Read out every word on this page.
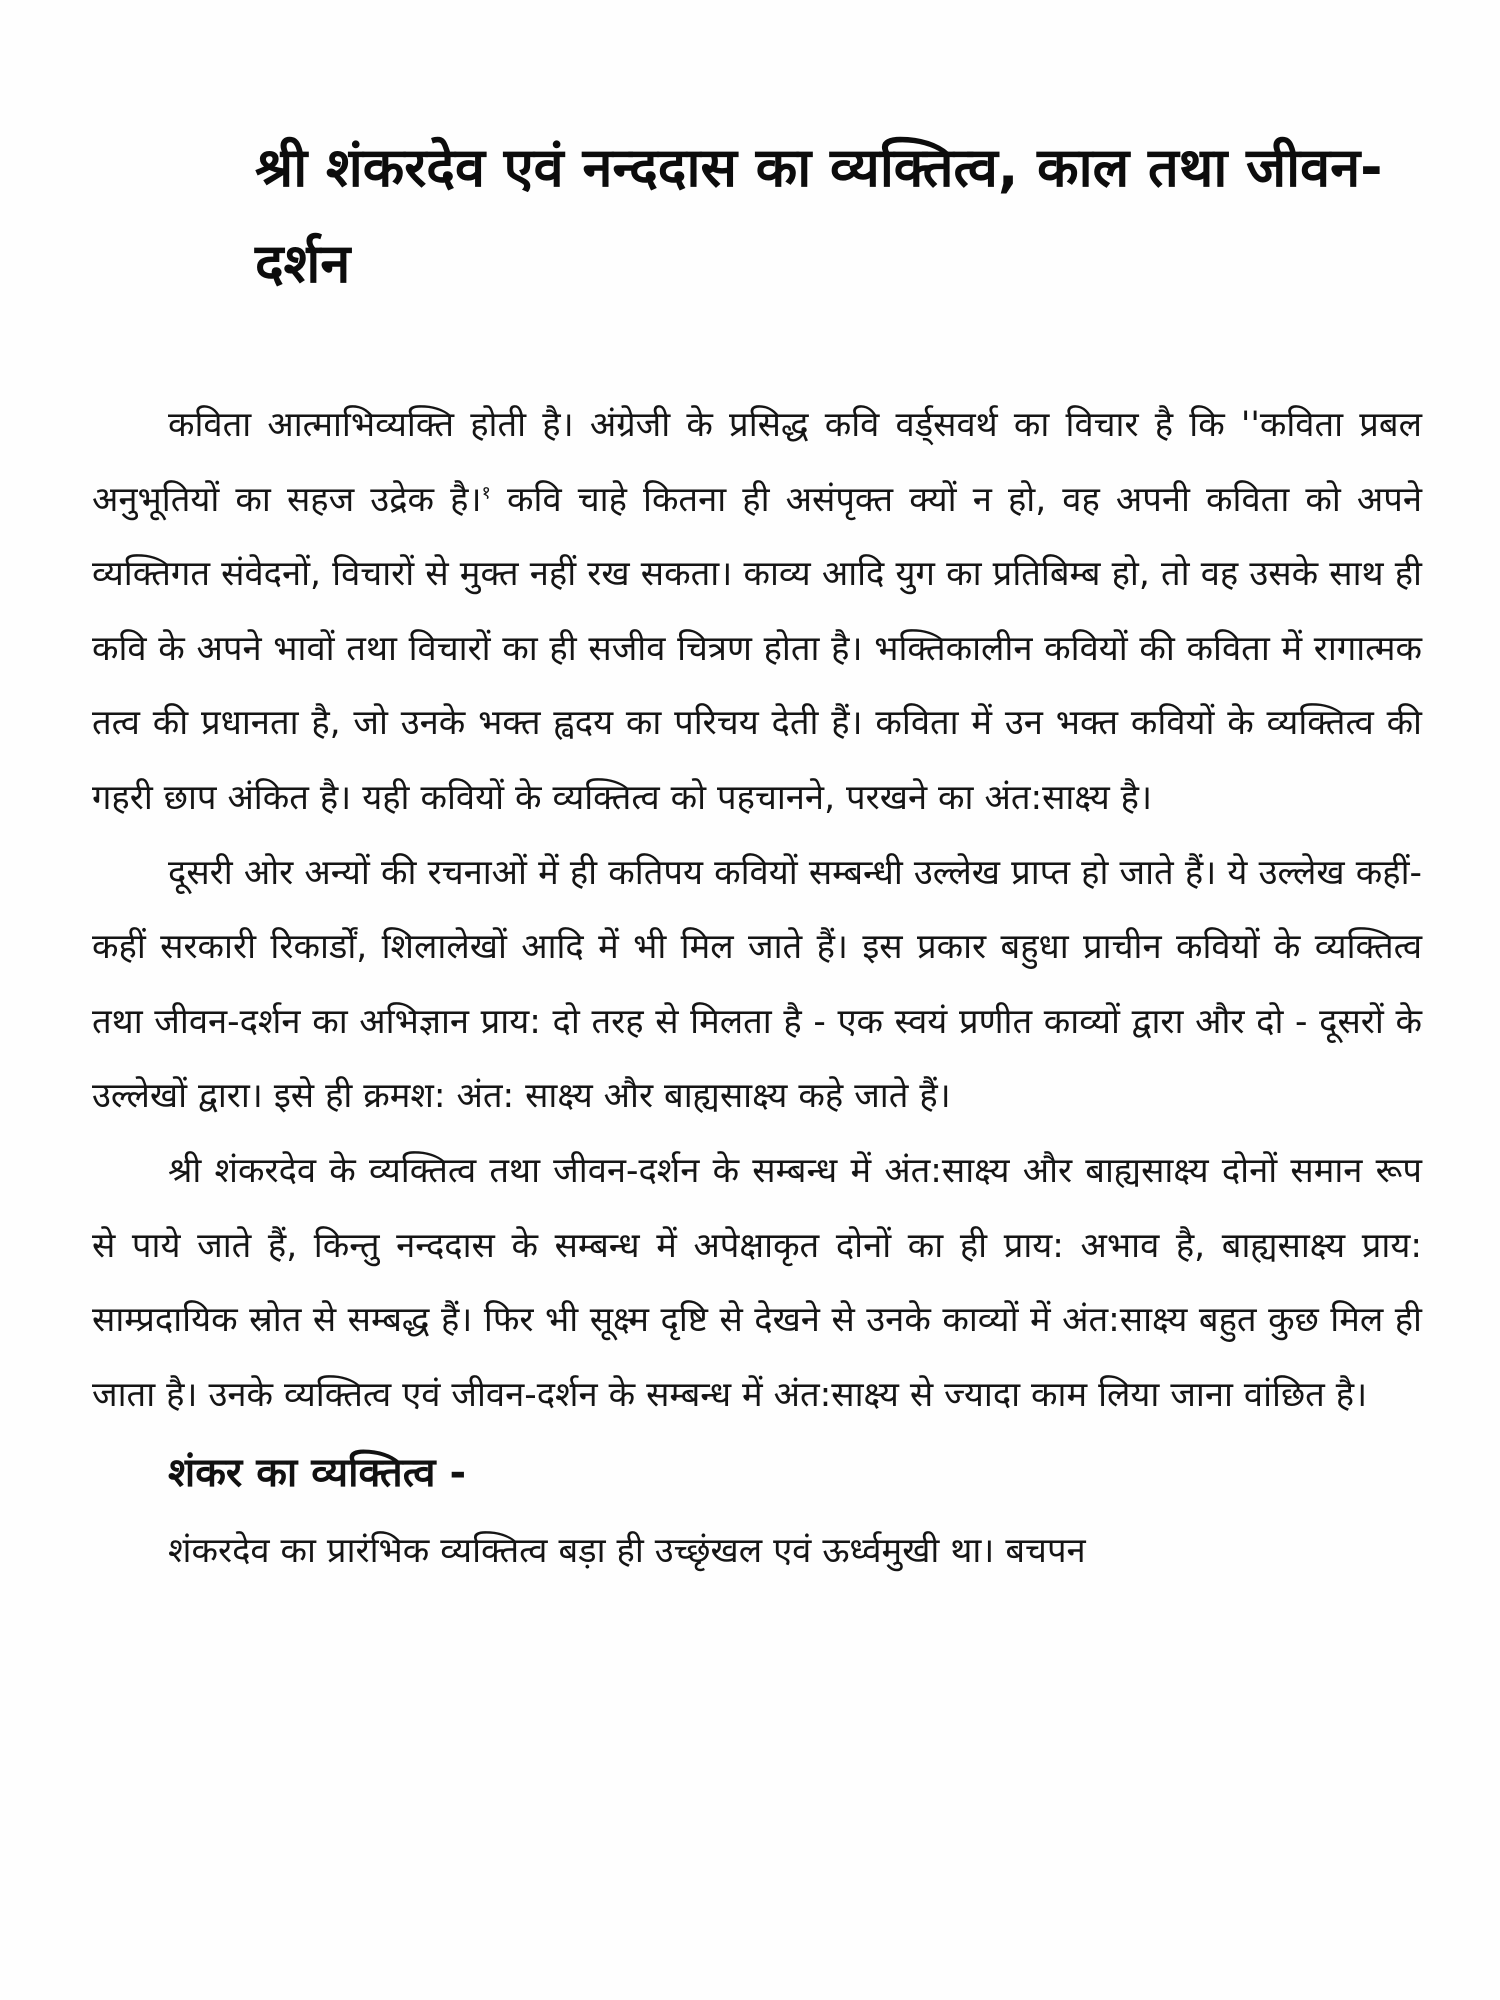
श्री शंकरदेव एवं नन्ददास का व्यक्तित्व, काल तथा जीवन-दर्शन

कविता आत्माभिव्यक्ति होती है। अंग्रेजी के प्रसिद्ध कवि वर्ड्सवर्थ का विचार है कि ''कविता प्रबल अनुभूतियों का सहज उद्रेक है।$^१$ कवि चाहे कितना ही असंपृक्त क्यों न हो, वह अपनी कविता को अपने व्यक्तिगत संवेदनों, विचारों से मुक्त नहीं रख सकता। काव्य आदि युग का प्रतिबिम्ब हो, तो वह उसके साथ ही कवि के अपने भावों तथा विचारों का ही सजीव चित्रण होता है। भक्तिकालीन कवियों की कविता में रागात्मक तत्व की प्रधानता है, जो उनके भक्त ह्वदय का परिचय देती हैं। कविता में उन भक्त कवियों के व्यक्तित्व की गहरी छाप अंकित है। यही कवियों के व्यक्तित्व को पहचानने, परखने का अंत:साक्ष्य है।

दूसरी ओर अन्यों की रचनाओं में ही कतिपय कवियों सम्बन्धी उल्लेख प्राप्त हो जाते हैं। ये उल्लेख कहीं-कहीं सरकारी रिकार्डों, शिलालेखों आदि में भी मिल जाते हैं। इस प्रकार बहुधा प्राचीन कवियों के व्यक्तित्व तथा जीवन-दर्शन का अभिज्ञान प्राय: दो तरह से मिलता है - एक स्वयं प्रणीत काव्यों द्वारा और दो - दूसरों के उल्लेखों द्वारा। इसे ही क्रमश: अंत: साक्ष्य और बाह्यसाक्ष्य कहे जाते हैं।

श्री शंकरदेव के व्यक्तित्व तथा जीवन-दर्शन के सम्बन्ध में अंत:साक्ष्य और बाह्यसाक्ष्य दोनों समान रूप से पाये जाते हैं, किन्तु नन्ददास के सम्बन्ध में अपेक्षाकृत दोनों का ही प्राय: अभाव है, बाह्यसाक्ष्य प्राय: साम्प्रदायिक स्रोत से सम्बद्ध हैं। फिर भी सूक्ष्म दृष्टि से देखने से उनके काव्यों में अंत:साक्ष्य बहुत कुछ मिल ही जाता है। उनके व्यक्तित्व एवं जीवन-दर्शन के सम्बन्ध में अंत:साक्ष्य से ज्यादा काम लिया जाना वांछित है।

शंकर का व्यक्तित्व -

शंकरदेव का प्रारंभिक व्यक्तित्व बड़ा ही उच्छृंखल एवं ऊर्ध्वमुखी था। बचपन
